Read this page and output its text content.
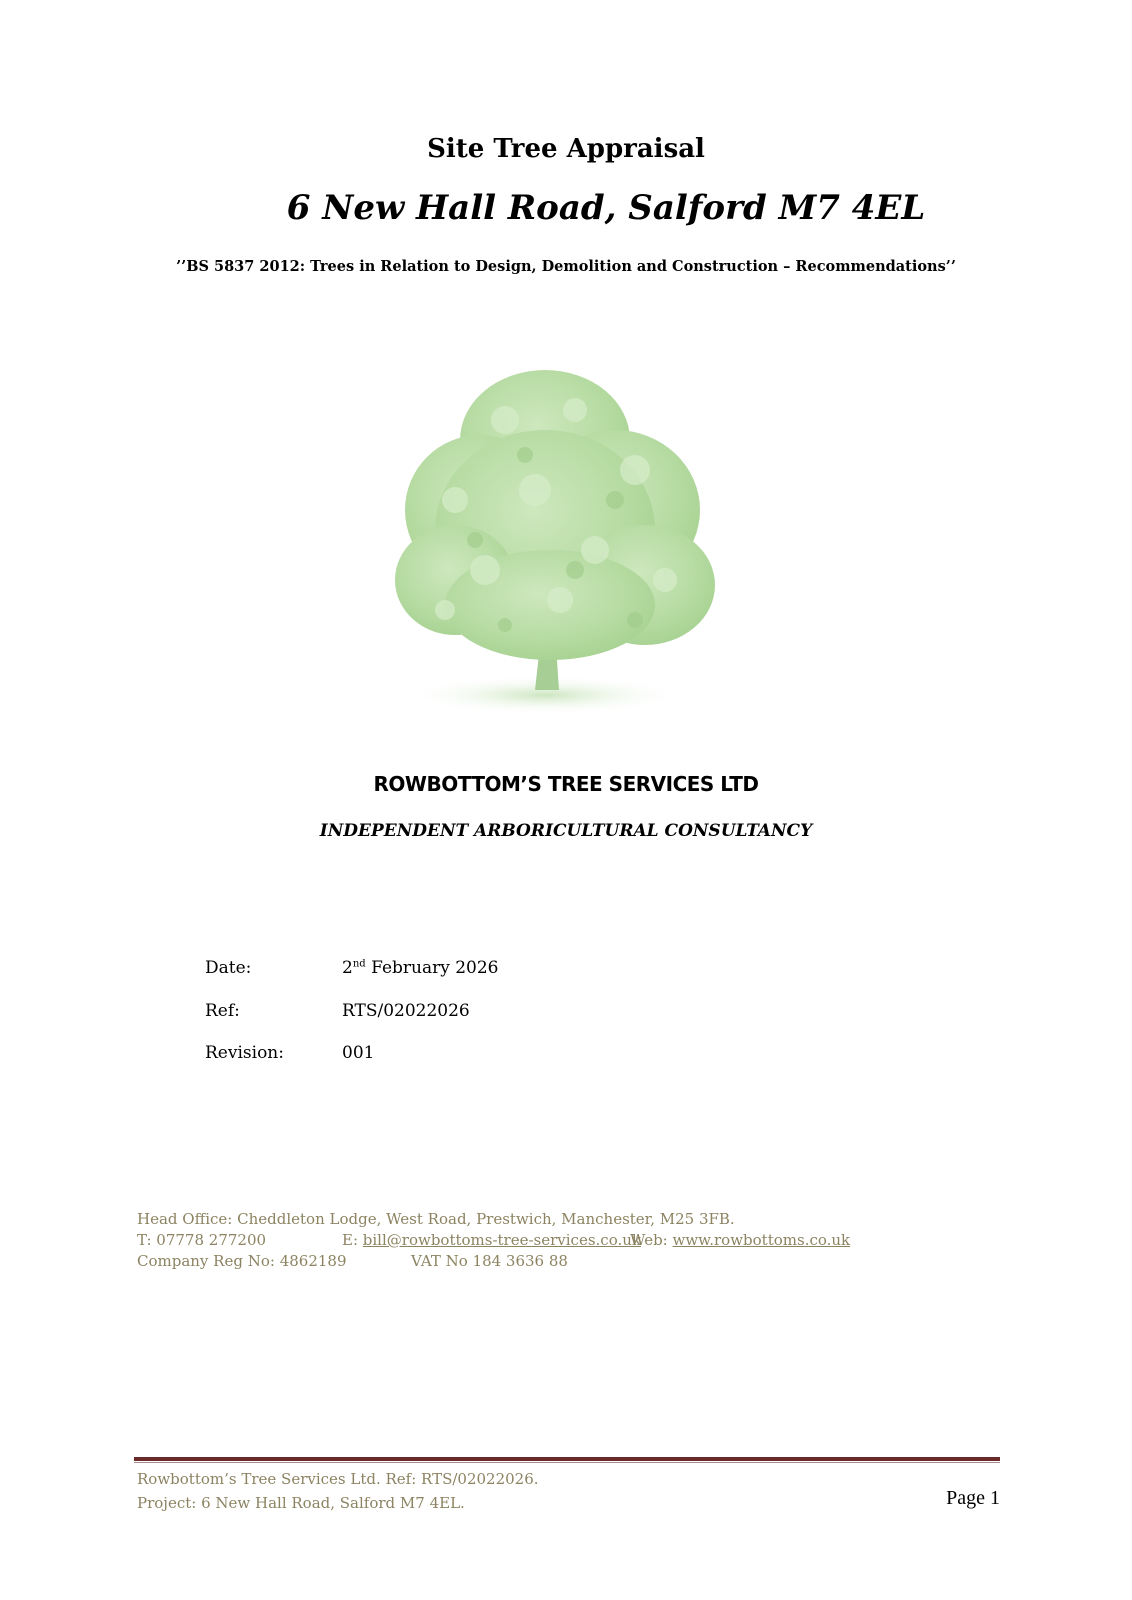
Site Tree Appraisal
6 New Hall Road, Salford M7 4EL
’’BS 5837 2012: Trees in Relation to Design, Demolition and Construction – Recommendations’’
ROWBOTTOM’S TREE SERVICES LTD
INDEPENDENT ARBORICULTURAL CONSULTANCY
Date:	2nd February 2026
Ref:	RTS/02022026
Revision:	001
Head Office: Cheddleton Lodge, West Road, Prestwich, Manchester, M25 3FB.
T: 07778 277200	E: bill@rowbottoms-tree-services.co.uk
Web: www.rowbottoms.co.uk
Company Reg No: 4862189	VAT No 184 3636 88
Rowbottom’s Tree Services Ltd. Ref: RTS/02022026.
Project: 6 New Hall Road, Salford M7 4EL.	Page 1
